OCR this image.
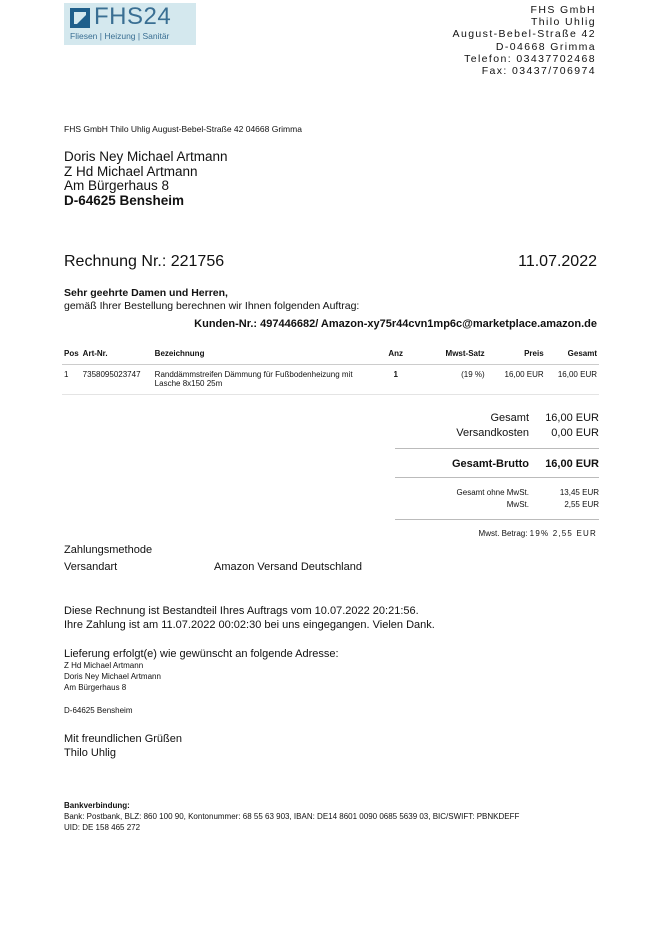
FHS24
Fliesen | Heizung | Sanitär
FHS GmbH
Thilo Uhlig
August-Bebel-Straße 42
D-04668 Grimma
Telefon: 03437702468
Fax: 03437/706974
FHS GmbH Thilo Uhlig August-Bebel-Straße 42 04668 Grimma
Doris Ney Michael Artmann
Z Hd Michael Artmann
Am Bürgerhaus 8
D-64625 Bensheim
Rechnung Nr.: 221756	11.07.2022
Sehr geehrte Damen und Herren,
gemäß Ihrer Bestellung berechnen wir Ihnen folgenden Auftrag:
Kunden-Nr.: 497446682/ Amazon-xy75r44cvn1mp6c@marketplace.amazon.de
Pos	Art-Nr.	Bezeichnung	Anz	Mwst-Satz	Preis	Gesamt
1	7358095023747	Randdämmstreifen Dämmung für Fußbodenheizung mit Lasche 8x150 25m	1	(19 %)	16,00 EUR	16,00 EUR
Gesamt 16,00 EUR
Versandkosten 0,00 EUR
Gesamt-Brutto 16,00 EUR
Gesamt ohne MwSt.	13,45 EUR
MwSt.	2,55 EUR
Mwst. Betrag: 19% 2,55 EUR
Zahlungsmethode
Versandart	Amazon Versand Deutschland
Diese Rechnung ist Bestandteil Ihres Auftrags vom 10.07.2022 20:21:56.
Ihre Zahlung ist am 11.07.2022 00:02:30 bei uns eingegangen. Vielen Dank.
Lieferung erfolgt(e) wie gewünscht an folgende Adresse:
Z Hd Michael Artmann
Doris Ney Michael Artmann
Am Bürgerhaus 8
D-64625 Bensheim
Mit freundlichen Grüßen
Thilo Uhlig
Bankverbindung:
Bank: Postbank, BLZ: 860 100 90, Kontonummer: 68 55 63 903, IBAN: DE14 8601 0090 0685 5639 03, BIC/SWIFT: PBNKDEFF
UID: DE 158 465 272
